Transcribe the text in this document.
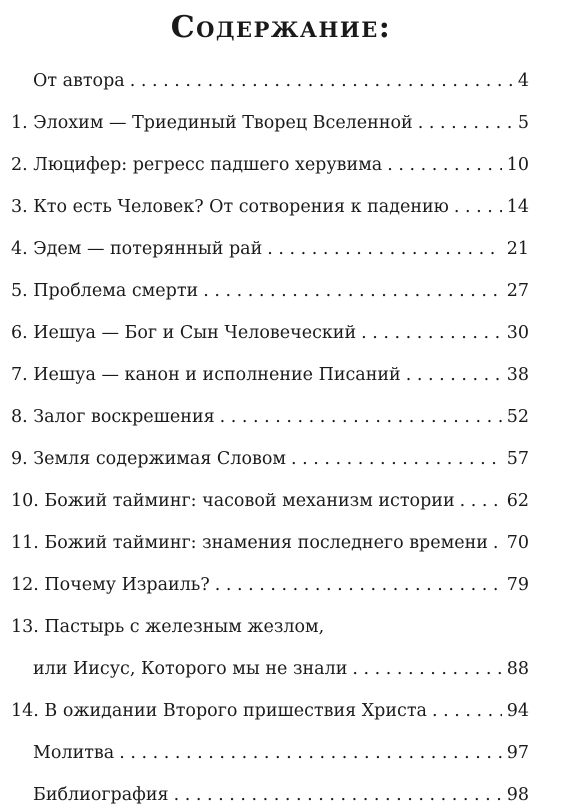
Содержание:
От автора . . .	4
1. Элохим — Триединый Творец Вселенной . . .	5
2. Люцифер: регресс падшего херувима . . .	10
3. Кто есть Человек? От сотворения к падению . . .	14
4. Эдем — потерянный рай . . .	21
5. Проблема смерти . . .	27
6. Иешуа — Бог и Сын Человеческий . . .	30
7. Иешуа — канон и исполнение Писаний . . .	38
8. Залог воскрешения . . .	52
9. Земля содержимая Словом . . .	57
10. Божий тайминг: часовой механизм истории . . .	62
11. Божий тайминг: знамения последнего времени . . . 70
12. Почему Израиль? . . .	79
13. Пастырь с железным жезлом,
или Иисус, Которого мы не знали . . .	88
14. В ожидании Второго пришествия Христа . . .	94
Молитва . . .	97
Библиография . . .	98
